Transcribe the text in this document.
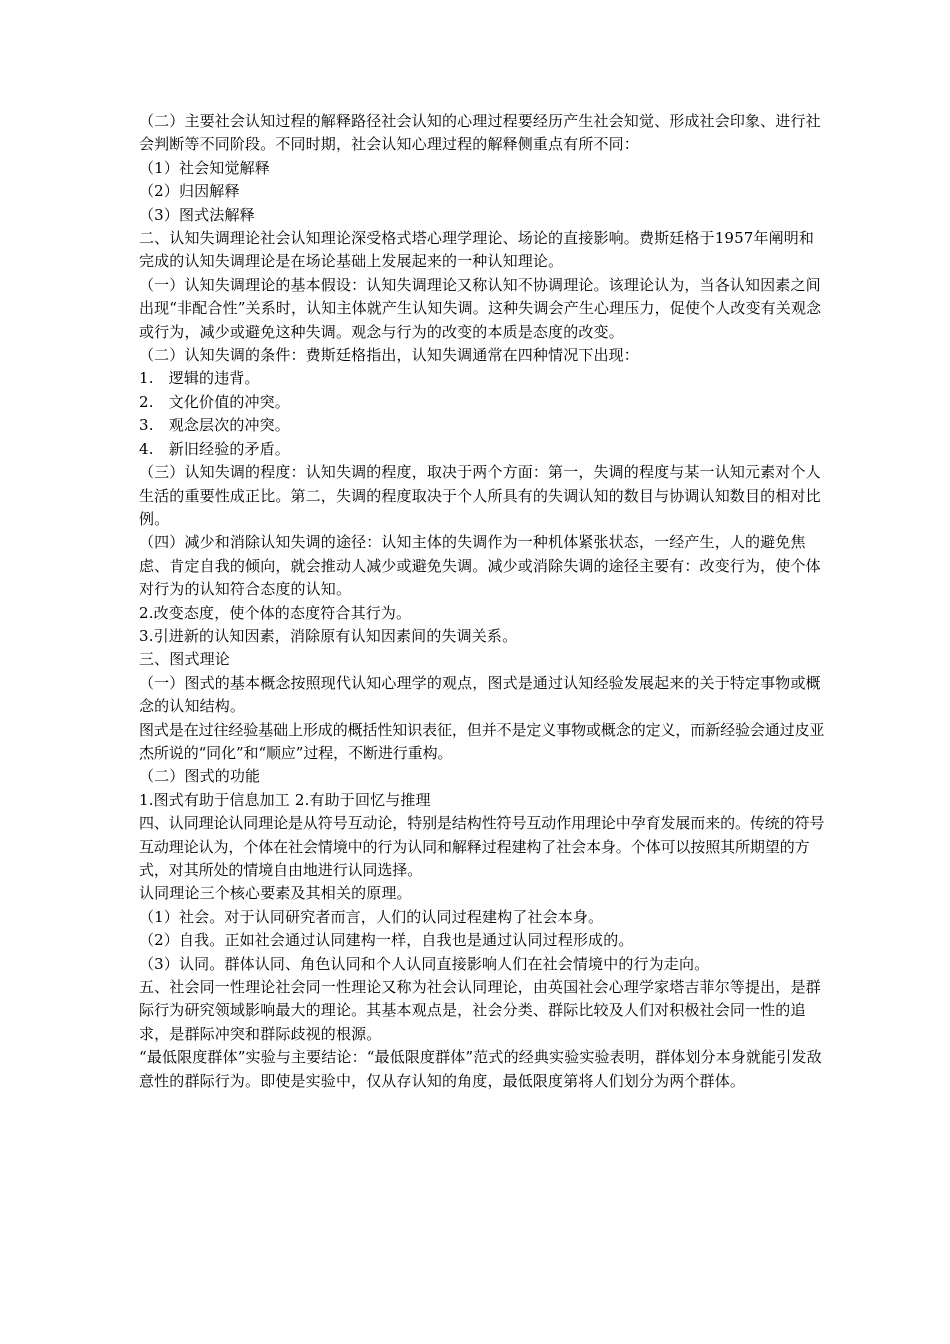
（二）主要社会认知过程的解释路径社会认知的心理过程要经历产生社会知觉、形成社会印象、进行社会判断等不同阶段。不同时期，社会认知心理过程的解释侧重点有所不同：

（1）社会知觉解释

（2）归因解释

（3）图式法解释

二、认知失调理论社会认知理论深受格式塔心理学理论、场论的直接影响。费斯廷格于1957年阐明和完成的认知失调理论是在场论基础上发展起来的一种认知理论。

（一）认知失调理论的基本假设：认知失调理论又称认知不协调理论。该理论认为，当各认知因素之间出现“非配合性”关系时，认知主体就产生认知失调。这种失调会产生心理压力，促使个人改变有关观念或行为，减少或避免这种失调。观念与行为的改变的本质是态度的改变。

（二）认知失调的条件：费斯廷格指出，认知失调通常在四种情况下出现：

1.　逻辑的违背。

2.　文化价值的冲突。

3.　观念层次的冲突。

4.　新旧经验的矛盾。

（三）认知失调的程度：认知失调的程度，取决于两个方面：第一，失调的程度与某一认知元素对个人生活的重要性成正比。第二，失调的程度取决于个人所具有的失调认知的数目与协调认知数目的相对比例。

（四）减少和消除认知失调的途径：认知主体的失调作为一种机体紧张状态，一经产生，人的避免焦虑、肯定自我的倾向，就会推动人减少或避免失调。减少或消除失调的途径主要有：改变行为，使个体对行为的认知符合态度的认知。

2.改变态度，使个体的态度符合其行为。

3.引进新的认知因素，消除原有认知因素间的失调关系。

三、图式理论

（一）图式的基本概念按照现代认知心理学的观点，图式是通过认知经验发展起来的关于特定事物或概念的认知结构。

图式是在过往经验基础上形成的概括性知识表征，但并不是定义事物或概念的定义，而新经验会通过皮亚杰所说的“同化”和“顺应”过程，不断进行重构。

（二）图式的功能

1.图式有助于信息加工 2.有助于回忆与推理

四、认同理论认同理论是从符号互动论，特别是结构性符号互动作用理论中孕育发展而来的。传统的符号互动理论认为，个体在社会情境中的行为认同和解释过程建构了社会本身。个体可以按照其所期望的方式，对其所处的情境自由地进行认同选择。

认同理论三个核心要素及其相关的原理。

（1）社会。对于认同研究者而言，人们的认同过程建构了社会本身。

（2）自我。正如社会通过认同建构一样，自我也是通过认同过程形成的。

（3）认同。群体认同、角色认同和个人认同直接影响人们在社会情境中的行为走向。

五、社会同一性理论社会同一性理论又称为社会认同理论，由英国社会心理学家塔吉菲尔等提出，是群际行为研究领域影响最大的理论。其基本观点是，社会分类、群际比较及人们对积极社会同一性的追求，是群际冲突和群际歧视的根源。

“最低限度群体”实验与主要结论：“最低限度群体”范式的经典实验实验表明，群体划分本身就能引发敌意性的群际行为。即使是实验中，仅从存认知的角度，最低限度第将人们划分为两个群体。
